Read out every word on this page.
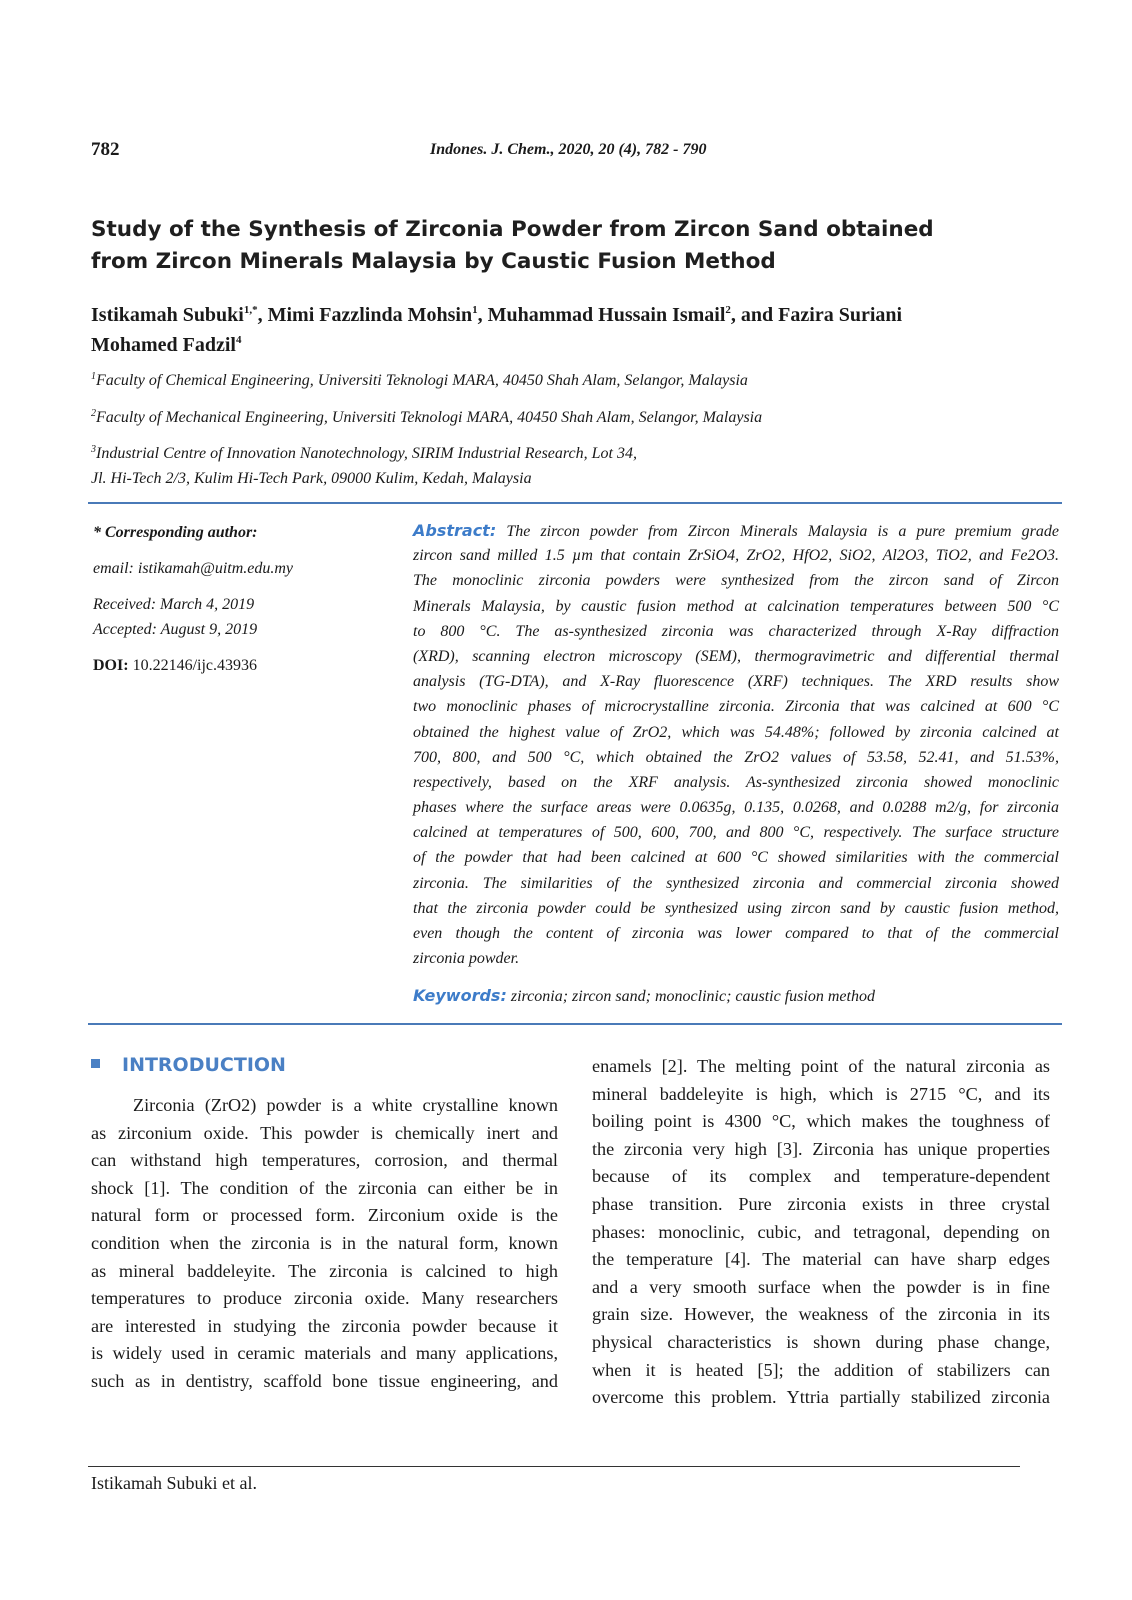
782	Indones. J. Chem., 2020, 20 (4), 782 - 790
Study of the Synthesis of Zirconia Powder from Zircon Sand obtained
from Zircon Minerals Malaysia by Caustic Fusion Method
Istikamah Subuki$^{1,*}$, Mimi Fazzlinda Mohsin$^1$, Muhammad Hussain Ismail$^2$, and Fazira Suriani
Mohamed Fadzil$^4$
$^1$Faculty of Chemical Engineering, Universiti Teknologi MARA, 40450 Shah Alam, Selangor, Malaysia
$^2$Faculty of Mechanical Engineering, Universiti Teknologi MARA, 40450 Shah Alam, Selangor, Malaysia
$^3$Industrial Centre of Innovation Nanotechnology, SIRIM Industrial Research, Lot 34,
Jl. Hi-Tech 2/3, Kulim Hi-Tech Park, 09000 Kulim, Kedah, Malaysia
* Corresponding author:
email: istikamah@uitm.edu.my
Received: March 4, 2019
Accepted: August 9, 2019
DOI: 10.22146/ijc.43936
Abstract: The zircon powder from Zircon Minerals Malaysia is a pure premium grade
zircon sand milled 1.5 µm that contain ZrSiO4, ZrO2, HfO2, SiO2, Al2O3, TiO2, and Fe2O3.
The monoclinic zirconia powders were synthesized from the zircon sand of Zircon
Minerals Malaysia, by caustic fusion method at calcination temperatures between 500 °C
to 800 °C. The as-synthesized zirconia was characterized through X-Ray diffraction
(XRD), scanning electron microscopy (SEM), thermogravimetric and differential thermal
analysis (TG-DTA), and X-Ray fluorescence (XRF) techniques. The XRD results show
two monoclinic phases of microcrystalline zirconia. Zirconia that was calcined at 600 °C
obtained the highest value of ZrO2, which was 54.48%; followed by zirconia calcined at
700, 800, and 500 °C, which obtained the ZrO2 values of 53.58, 52.41, and 51.53%,
respectively, based on the XRF analysis. As-synthesized zirconia showed monoclinic
phases where the surface areas were 0.0635g, 0.135, 0.0268, and 0.0288 m2/g, for zirconia
calcined at temperatures of 500, 600, 700, and 800 °C, respectively. The surface structure
of the powder that had been calcined at 600 °C showed similarities with the commercial
zirconia. The similarities of the synthesized zirconia and commercial zirconia showed
that the zirconia powder could be synthesized using zircon sand by caustic fusion method,
even though the content of zirconia was lower compared to that of the commercial
zirconia powder.
Keywords: zirconia; zircon sand; monoclinic; caustic fusion method
INTRODUCTION
Zirconia (ZrO2) powder is a white crystalline known
as zirconium oxide. This powder is chemically inert and
can withstand high temperatures, corrosion, and thermal
shock [1]. The condition of the zirconia can either be in
natural form or processed form. Zirconium oxide is the
condition when the zirconia is in the natural form, known
as mineral baddeleyite. The zirconia is calcined to high
temperatures to produce zirconia oxide. Many researchers
are interested in studying the zirconia powder because it
is widely used in ceramic materials and many applications,
such as in dentistry, scaffold bone tissue engineering, and
enamels [2]. The melting point of the natural zirconia as
mineral baddeleyite is high, which is 2715 °C, and its
boiling point is 4300 °C, which makes the toughness of
the zirconia very high [3]. Zirconia has unique properties
because of its complex and temperature-dependent
phase transition. Pure zirconia exists in three crystal
phases: monoclinic, cubic, and tetragonal, depending on
the temperature [4]. The material can have sharp edges
and a very smooth surface when the powder is in fine
grain size. However, the weakness of the zirconia in its
physical characteristics is shown during phase change,
when it is heated [5]; the addition of stabilizers can
overcome this problem. Yttria partially stabilized zirconia
Istikamah Subuki et al.
